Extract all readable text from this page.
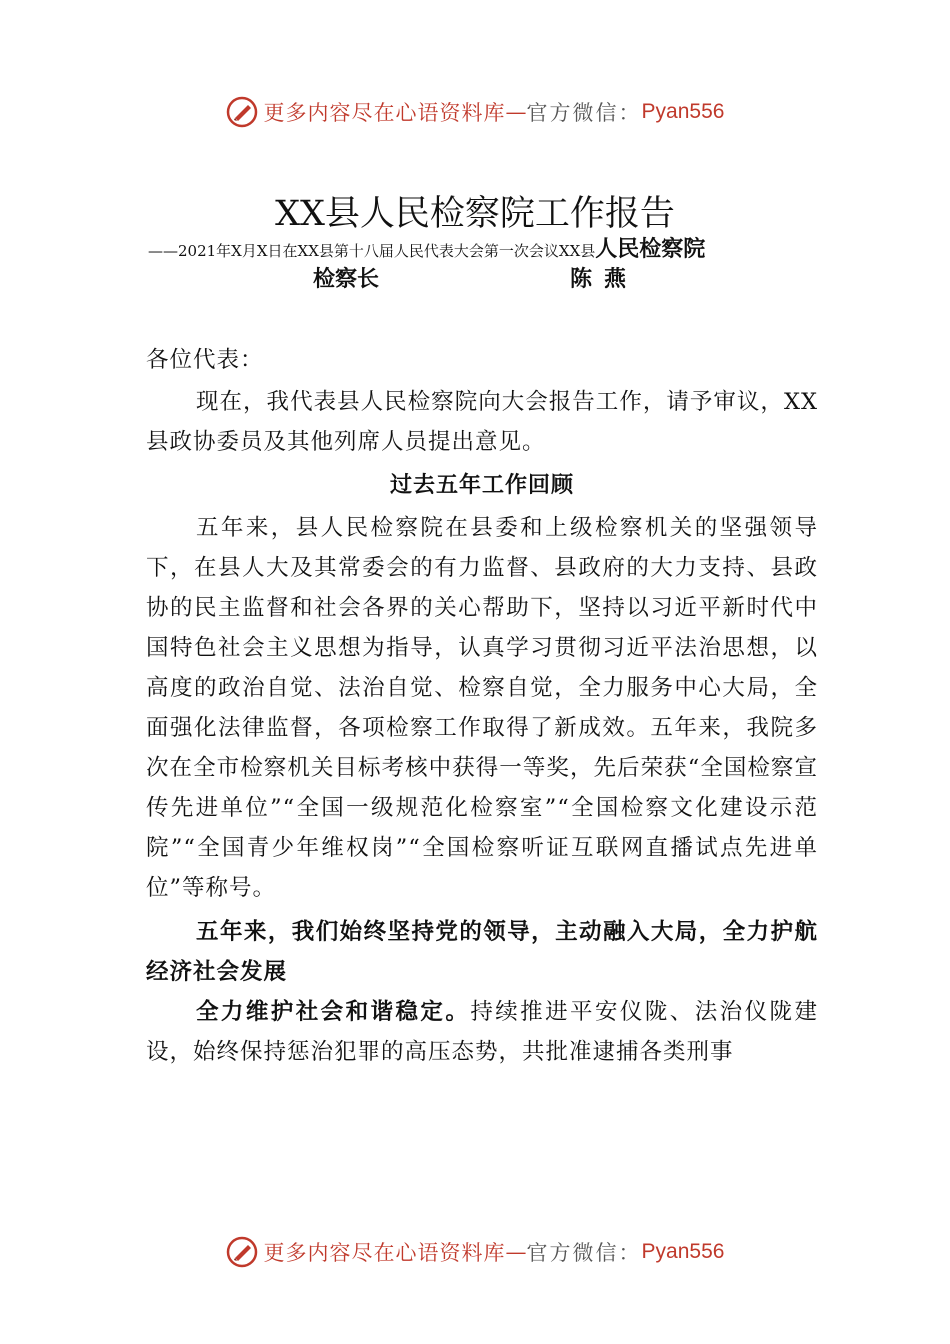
更多内容尽在心语资料库 — 官方微信： Pyan556
XX县人民检察院工作报告
——2021年X月X日在XX县第十八届人民代表大会第一次会议XX县人民检察院
检察长	陈燕

各位代表：

现在，我代表县人民检察院向大会报告工作，请予审议，XX县政协委员及其他列席人员提出意见。

过去五年工作回顾

五年来，县人民检察院在县委和上级检察机关的坚强领导下，在县人大及其常委会的有力监督、县政府的大力支持、县政协的民主监督和社会各界的关心帮助下，坚持以习近平新时代中国特色社会主义思想为指导，认真学习贯彻习近平法治思想，以高度的政治自觉、法治自觉、检察自觉，全力服务中心大局，全面强化法律监督，各项检察工作取得了新成效。五年来，我院多次在全市检察机关目标考核中获得一等奖，先后荣获“全国检察宣传先进单位”“全国一级规范化检察室”“全国检察文化建设示范院”“全国青少年维权岗”“全国检察听证互联网直播试点先进单位”等称号。

五年来，我们始终坚持党的领导，主动融入大局，全力护航经济社会发展

全力维护社会和谐稳定。持续推进平安仪陇、法治仪陇建设，始终保持惩治犯罪的高压态势，共批准逮捕各类刑事

更多内容尽在心语资料库 — 官方微信： Pyan556
